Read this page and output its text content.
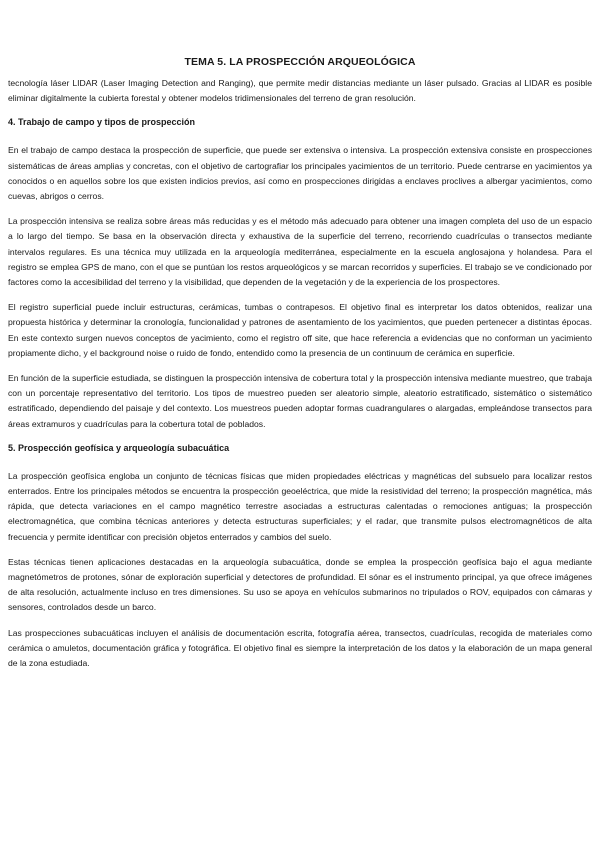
TEMA 5. LA PROSPECCIÓN ARQUEOLÓGICA

tecnología láser LIDAR (Laser Imaging Detection and Ranging), que permite medir distancias mediante un láser pulsado. Gracias al LIDAR es posible eliminar digitalmente la cubierta forestal y obtener modelos tridimensionales del terreno de gran resolución.

4. Trabajo de campo y tipos de prospección

En el trabajo de campo destaca la prospección de superficie, que puede ser extensiva o intensiva. La prospección extensiva consiste en prospecciones sistemáticas de áreas amplias y concretas, con el objetivo de cartografiar los principales yacimientos de un territorio. Puede centrarse en yacimientos ya conocidos o en aquellos sobre los que existen indicios previos, así como en prospecciones dirigidas a enclaves proclives a albergar yacimientos, como cuevas, abrigos o cerros.

La prospección intensiva se realiza sobre áreas más reducidas y es el método más adecuado para obtener una imagen completa del uso de un espacio a lo largo del tiempo. Se basa en la observación directa y exhaustiva de la superficie del terreno, recorriendo cuadrículas o transectos mediante intervalos regulares. Es una técnica muy utilizada en la arqueología mediterránea, especialmente en la escuela anglosajona y holandesa. Para el registro se emplea GPS de mano, con el que se puntúan los restos arqueológicos y se marcan recorridos y superficies. El trabajo se ve condicionado por factores como la accesibilidad del terreno y la visibilidad, que dependen de la vegetación y de la experiencia de los prospectores.

El registro superficial puede incluir estructuras, cerámicas, tumbas o contrapesos. El objetivo final es interpretar los datos obtenidos, realizar una propuesta histórica y determinar la cronología, funcionalidad y patrones de asentamiento de los yacimientos, que pueden pertenecer a distintas épocas. En este contexto surgen nuevos conceptos de yacimiento, como el registro off site, que hace referencia a evidencias que no conforman un yacimiento propiamente dicho, y el background noise o ruido de fondo, entendido como la presencia de un continuum de cerámica en superficie.

En función de la superficie estudiada, se distinguen la prospección intensiva de cobertura total y la prospección intensiva mediante muestreo, que trabaja con un porcentaje representativo del territorio. Los tipos de muestreo pueden ser aleatorio simple, aleatorio estratificado, sistemático o sistemático estratificado, dependiendo del paisaje y del contexto. Los muestreos pueden adoptar formas cuadrangulares o alargadas, empleándose transectos para áreas extramuros y cuadrículas para la cobertura total de poblados.

5. Prospección geofísica y arqueología subacuática

La prospección geofísica engloba un conjunto de técnicas físicas que miden propiedades eléctricas y magnéticas del subsuelo para localizar restos enterrados. Entre los principales métodos se encuentra la prospección geoeléctrica, que mide la resistividad del terreno; la prospección magnética, más rápida, que detecta variaciones en el campo magnético terrestre asociadas a estructuras calentadas o remociones antiguas; la prospección electromagnética, que combina técnicas anteriores y detecta estructuras superficiales; y el radar, que transmite pulsos electromagnéticos de alta frecuencia y permite identificar con precisión objetos enterrados y cambios del suelo.

Estas técnicas tienen aplicaciones destacadas en la arqueología subacuática, donde se emplea la prospección geofísica bajo el agua mediante magnetómetros de protones, sónar de exploración superficial y detectores de profundidad. El sónar es el instrumento principal, ya que ofrece imágenes de alta resolución, actualmente incluso en tres dimensiones. Su uso se apoya en vehículos submarinos no tripulados o ROV, equipados con cámaras y sensores, controlados desde un barco.

Las prospecciones subacuáticas incluyen el análisis de documentación escrita, fotografía aérea, transectos, cuadrículas, recogida de materiales como cerámica o amuletos, documentación gráfica y fotográfica. El objetivo final es siempre la interpretación de los datos y la elaboración de un mapa general de la zona estudiada.
